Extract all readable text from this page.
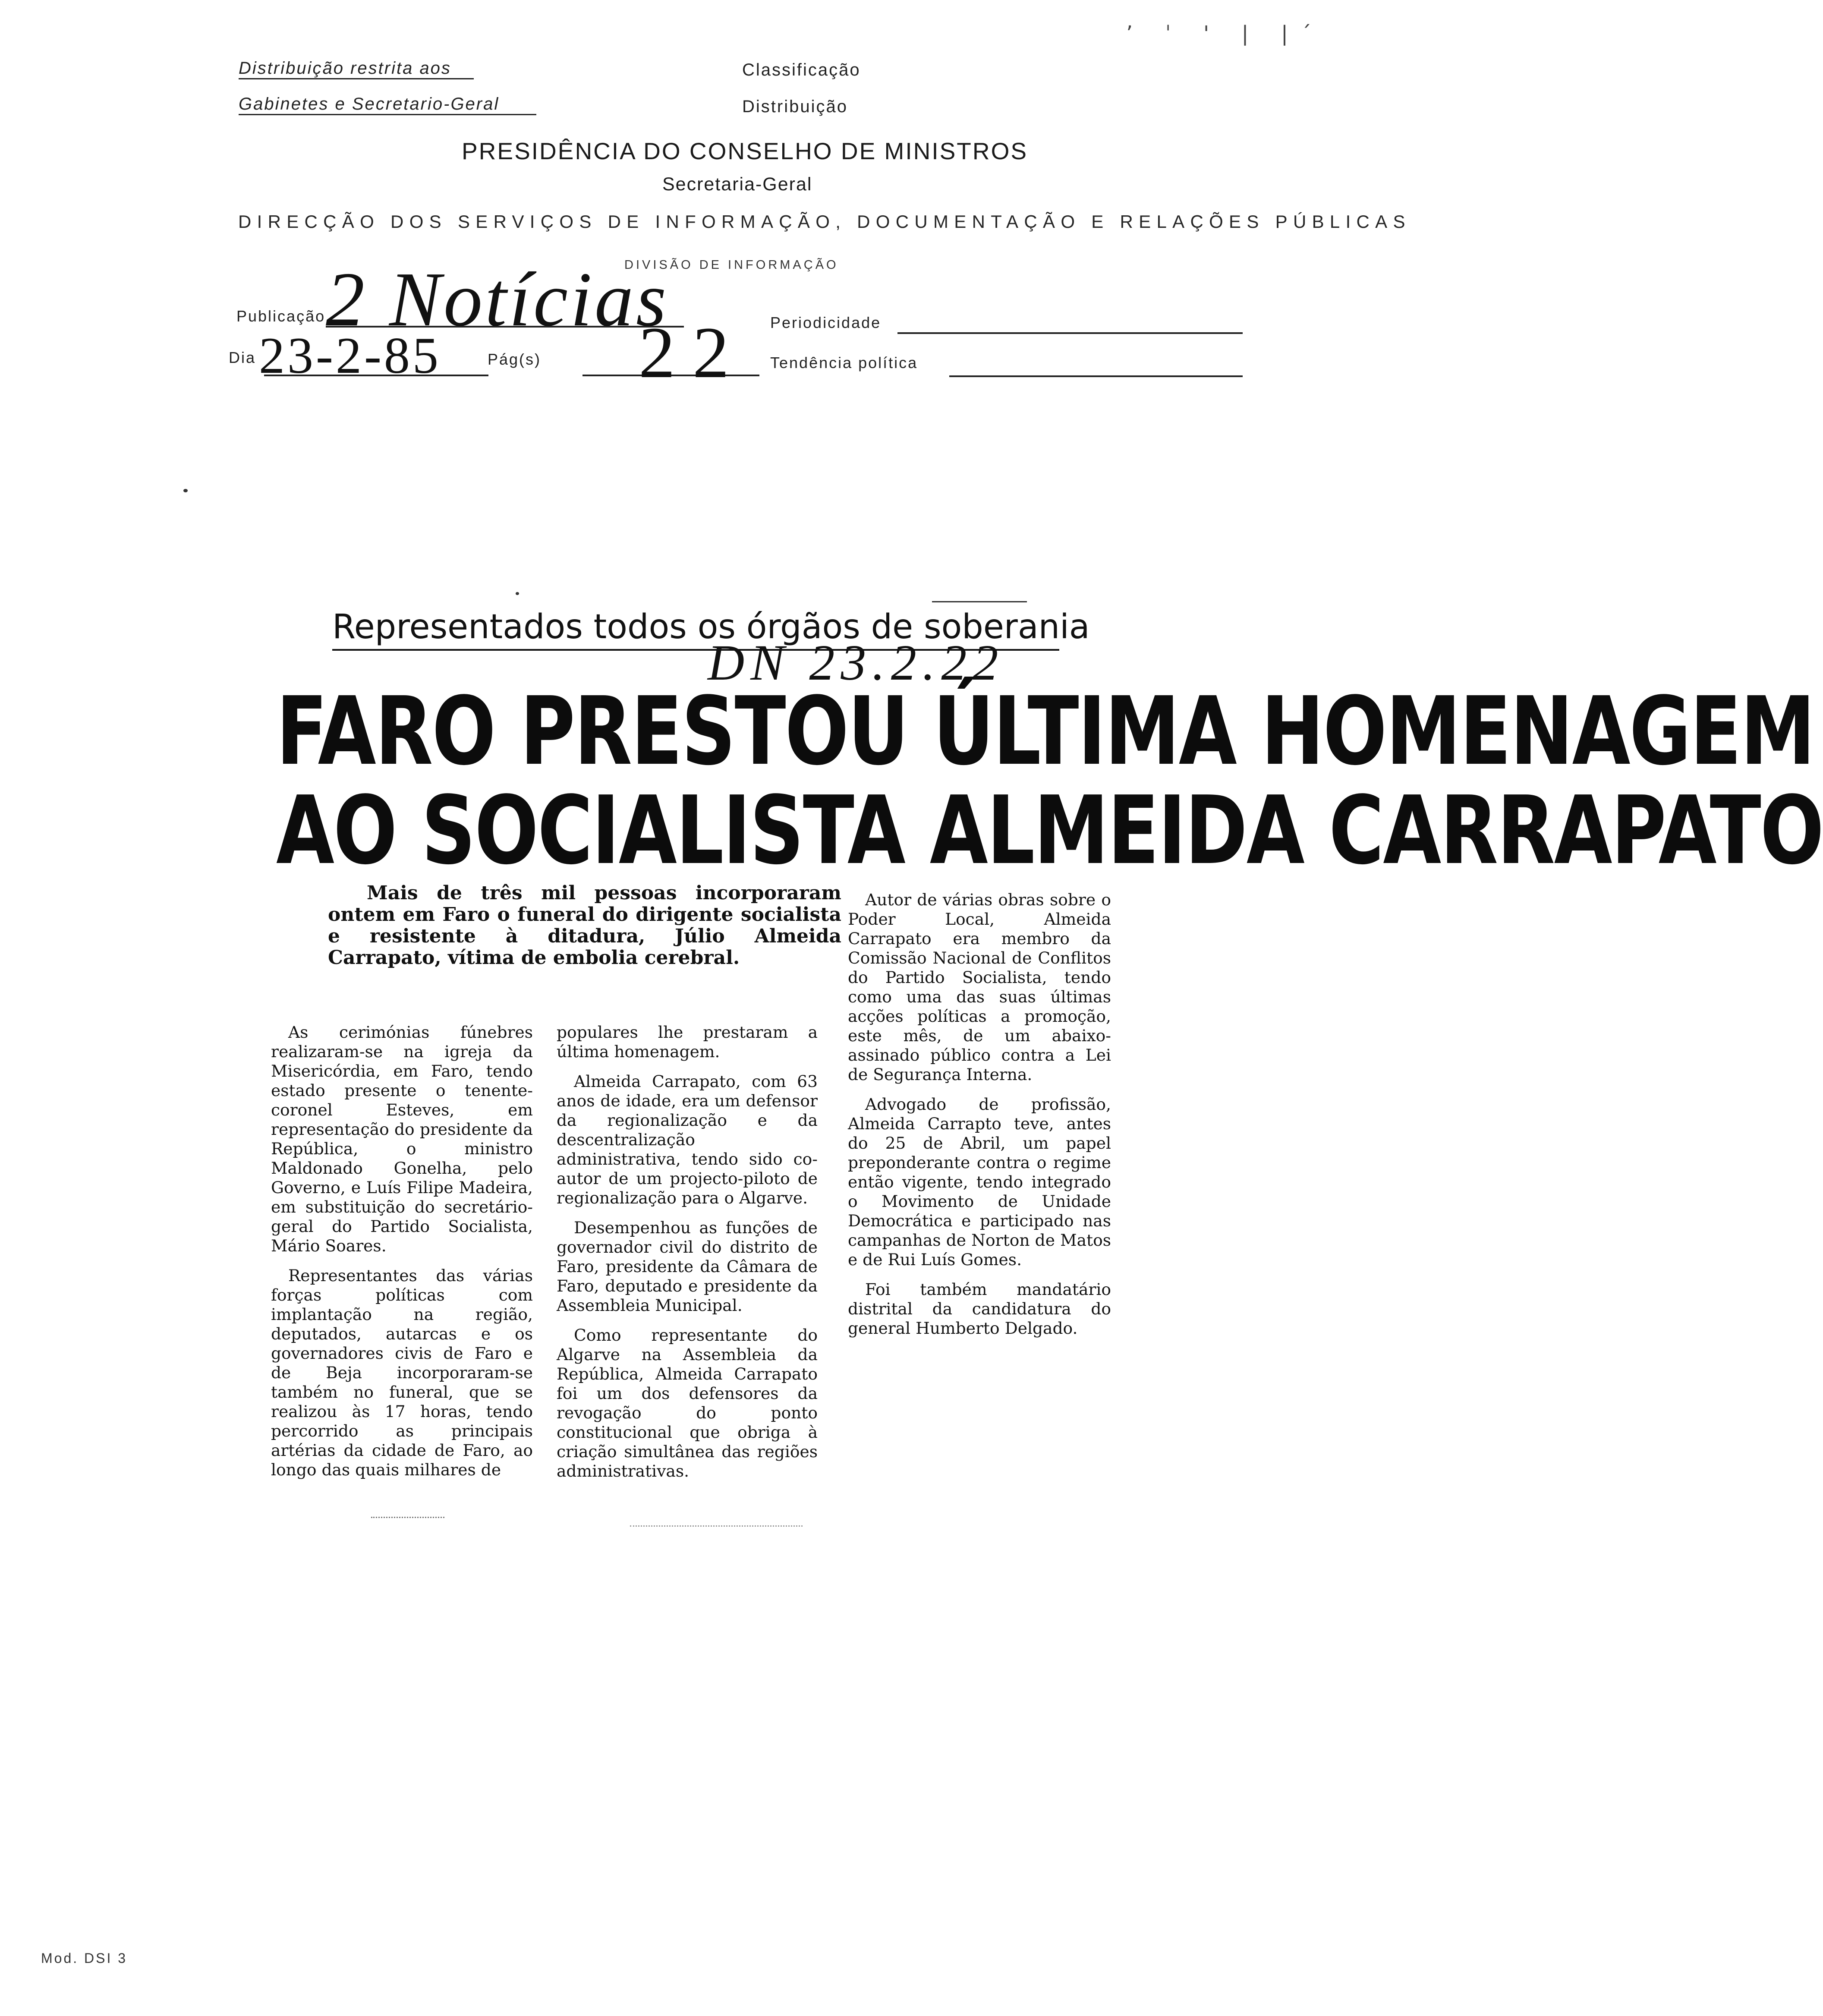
Distribuição restrita aos
Gabinetes e Secretario-Geral
Classificação
Distribuição
ʼ ˈ ' | |ˊ
PRESIDÊNCIA DO CONSELHO DE MINISTROS
Secretaria-Geral
DIRECÇÃO DOS SERVIÇOS DE INFORMAÇÃO, DOCUMENTAÇÃO E RELAÇÕES PÚBLICAS
DIVISÃO DE INFORMAÇÃO
Publicação 2 Notícias	Periodicidade
Dia 23-2-85	Pág(s) 22 Tendência política
Representados todos os órgãos de soberania
DN 23.2.22
FARO PRESTOU ÚLTIMA HOMENAGEM
AO SOCIALISTA ALMEIDA CARRAPATO
Mais de três mil pessoas incorporaram ontem em Faro o funeral do dirigente socialista e resistente à ditadura, Júlio Almeida Carrapato, vítima de embolia cerebral.

As cerimónias fúnebres realizaram-se na igreja da Misericórdia, em Faro, tendo estado presente o tenente-coronel Esteves, em representação do presidente da República, o ministro Maldonado Gonelha, pelo Governo, e Luís Filipe Madeira, em substituição do secretário-geral do Partido Socialista, Mário Soares.

Representantes das várias forças políticas com implantação na região, deputados, autarcas e os governadores civis de Faro e de Beja incorporaram-se também no funeral, que se realizou às 17 horas, tendo percorrido as principais artérias da cidade de Faro, ao longo das quais milhares de

populares lhe prestaram a última homenagem.

Almeida Carrapato, com 63 anos de idade, era um defensor da regionalização e da descentralização administrativa, tendo sido co-autor de um projecto-piloto de regionalização para o Algarve.

Desempenhou as funções de governador civil do distrito de Faro, presidente da Câmara de Faro, deputado e presidente da Assembleia Municipal.

Como representante do Algarve na Assembleia da República, Almeida Carrapato foi um dos defensores da revogação do ponto constitucional que obriga à criação simultânea das regiões administrativas.

Autor de várias obras sobre o Poder Local, Almeida Carrapato era membro da Comissão Nacional de Conflitos do Partido Socialista, tendo como uma das suas últimas acções políticas a promoção, este mês, de um abaixo-assinado público contra a Lei de Segurança Interna.

Advogado de profissão, Almeida Carrapto teve, antes do 25 de Abril, um papel preponderante contra o regime então vigente, tendo integrado o Movimento de Unidade Democrática e participado nas campanhas de Norton de Matos e de Rui Luís Gomes.

Foi também mandatário distrital da candidatura do general Humberto Delgado.

Mod. DSI 3
